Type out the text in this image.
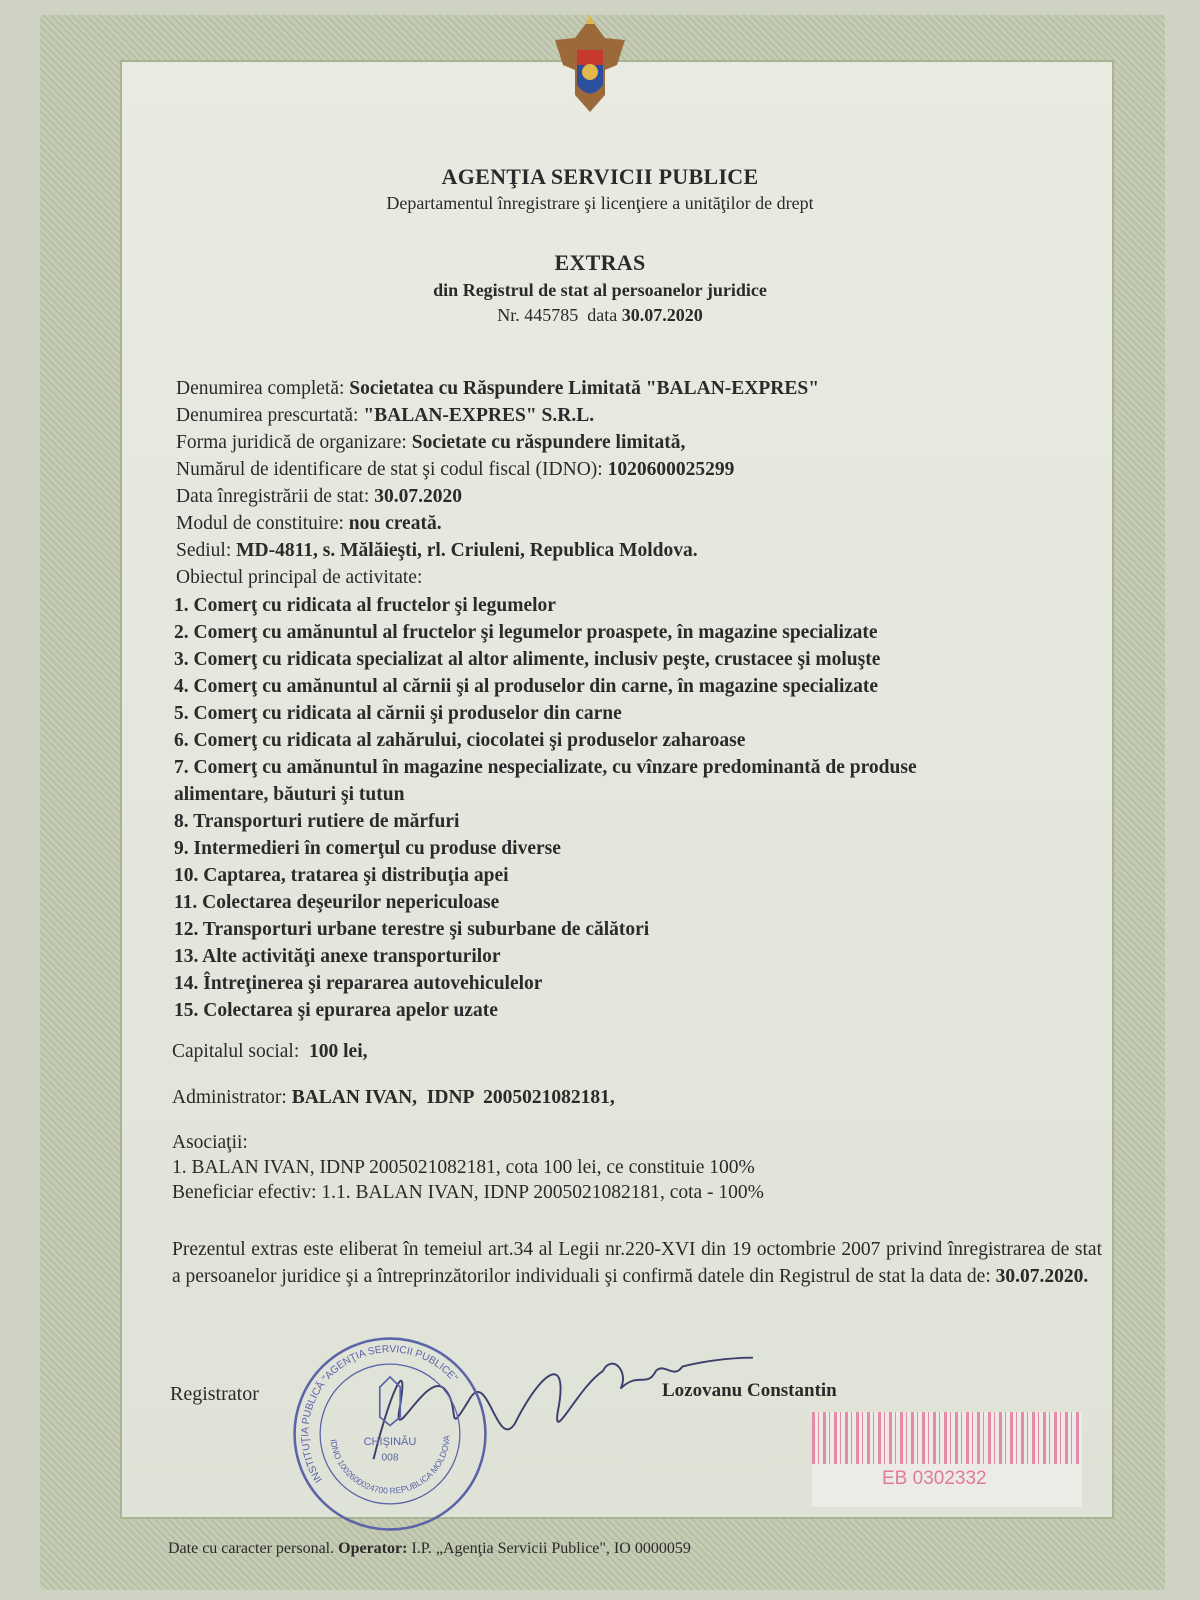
AGENŢIA SERVICII PUBLICE
Departamentul înregistrare şi licenţiere a unităţilor de drept
EXTRAS
din Registrul de stat al persoanelor juridice
Nr. 445785 data 30.07.2020
Denumirea completă: Societatea cu Răspundere Limitată "BALAN-EXPRES"
Denumirea prescurtată: "BALAN-EXPRES" S.R.L.
Forma juridică de organizare: Societate cu răspundere limitată,
Numărul de identificare de stat şi codul fiscal (IDNO): 1020600025299
Data înregistrării de stat: 30.07.2020
Modul de constituire: nou creată.
Sediul: MD-4811, s. Mălăieşti, rl. Criuleni, Republica Moldova.
Obiectul principal de activitate:
1. Comerţ cu ridicata al fructelor şi legumelor
2. Comerţ cu amănuntul al fructelor şi legumelor proaspete, în magazine specializate
3. Comerţ cu ridicata specializat al altor alimente, inclusiv peşte, crustacee şi moluşte
4. Comerţ cu amănuntul al cărnii şi al produselor din carne, în magazine specializate
5. Comerţ cu ridicata al cărnii şi produselor din carne
6. Comerţ cu ridicata al zahărului, ciocolatei şi produselor zaharoase
7. Comerţ cu amănuntul în magazine nespecializate, cu vînzare predominantă de produse
alimentare, băuturi şi tutun
8. Transporturi rutiere de mărfuri
9. Intermedieri în comerţul cu produse diverse
10. Captarea, tratarea şi distribuţia apei
11. Colectarea deşeurilor nepericuloase
12. Transporturi urbane terestre şi suburbane de călători
13. Alte activităţi anexe transporturilor
14. Întreţinerea şi repararea autovehiculelor
15. Colectarea şi epurarea apelor uzate
Capitalul social: 100 lei,
Administrator: BALAN IVAN,  IDNP  2005021082181,
Asociaţii:
1. BALAN IVAN, IDNP 2005021082181, cota 100 lei, ce constituie 100%
Beneficiar efectiv: 1.1. BALAN IVAN, IDNP 2005021082181, cota - 100%
Prezentul extras este eliberat în temeiul art.34 al Legii nr.220-XVI din 19 octombrie 2007 privind înregistrarea de stat a persoanelor juridice şi a întreprinzătorilor individuali şi confirmă datele din Registrul de stat la data de: 30.07.2020.
INSTITUŢIA PUBLICĂ "AGENŢIA SERVICII PUBLICE"
IDNO 1002600024700 REPUBLICA MOLDOVA
CHIŞINĂU
008
Registrator	Lozovanu Constantin
EB 0302332
Date cu caracter personal. Operator: I.P. „Agenţia Servicii Publice", IO 0000059
